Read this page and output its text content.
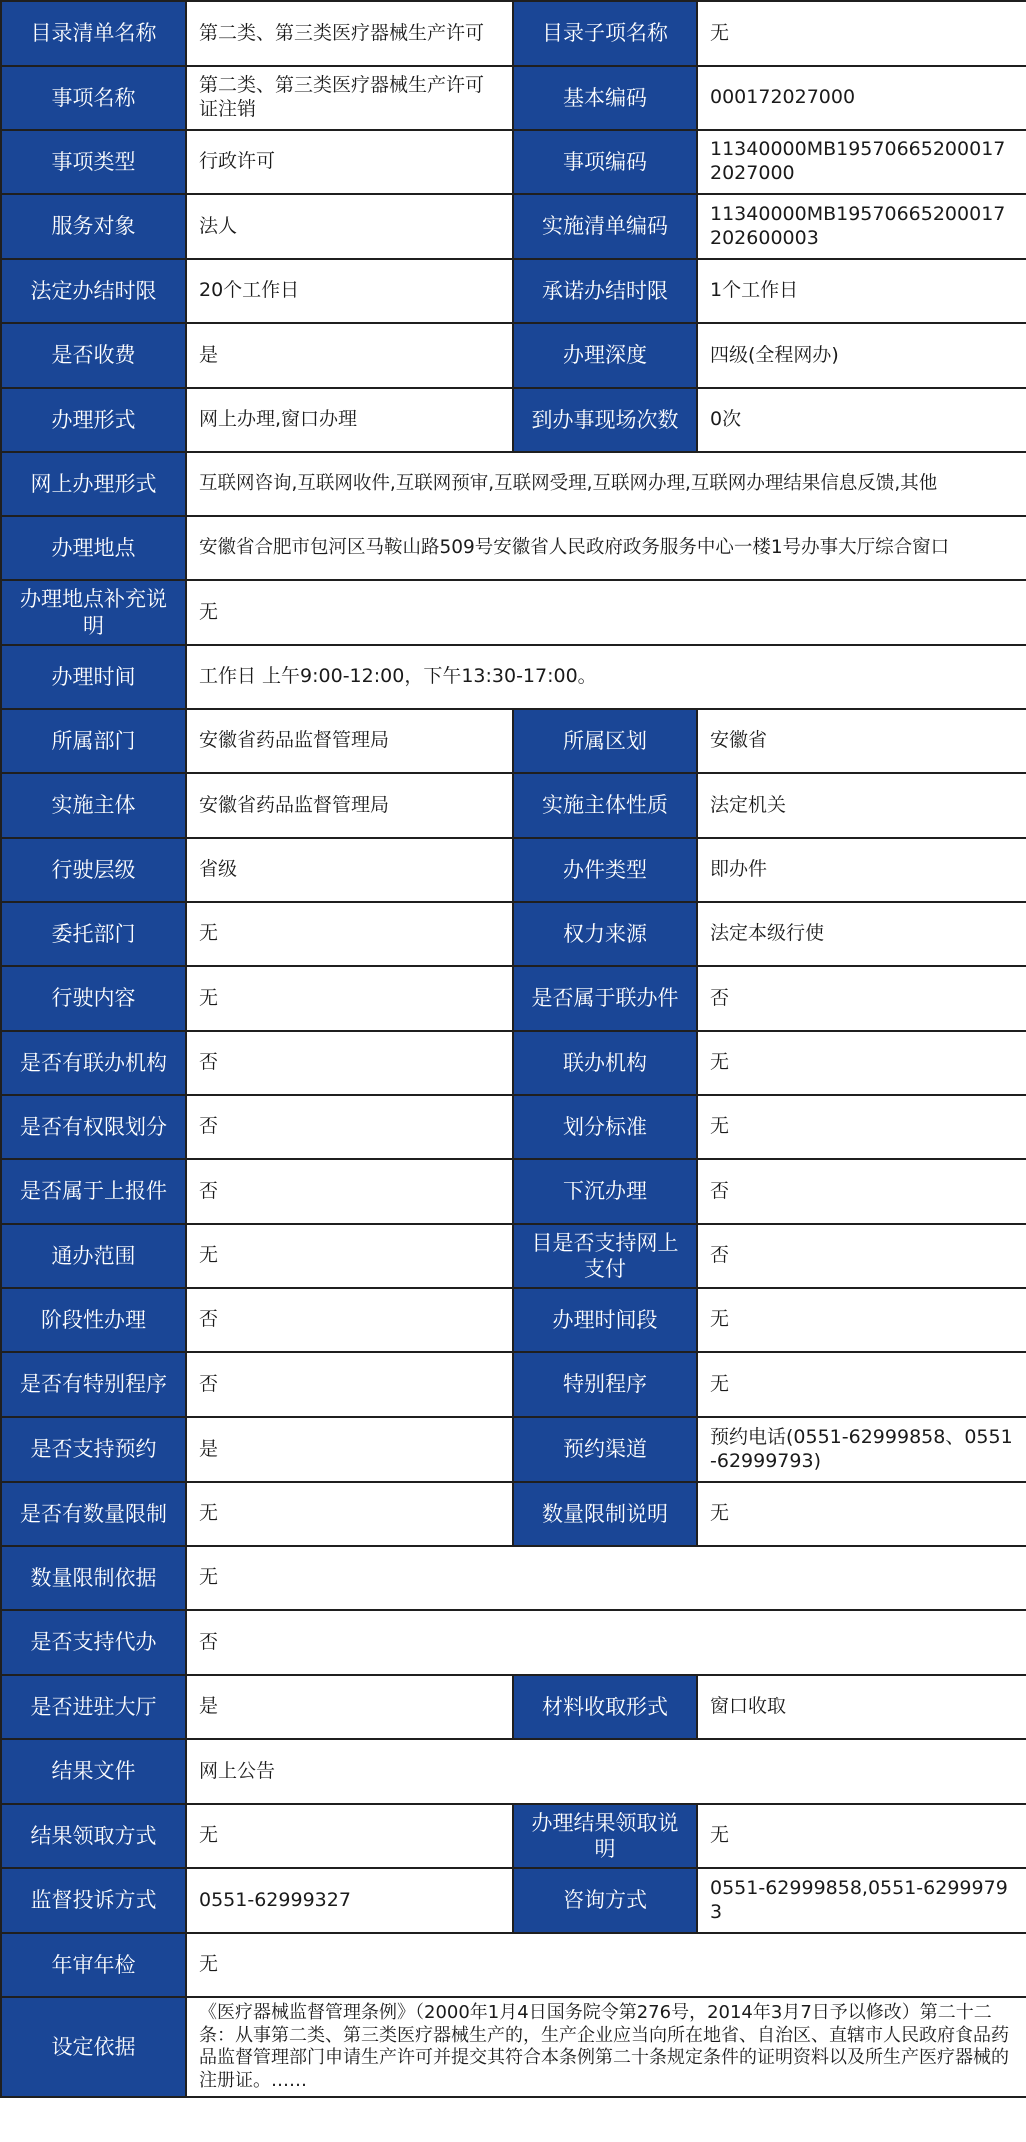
目录清单名称	第二类、第三类医疗器械生产许可	目录子项名称	无
事项名称	第二类、第三类医疗器械生产许可证注销	基本编码	000172027000
事项类型	行政许可	事项编码	11340000MB195706652000172027000
服务对象	法人	实施清单编码	11340000MB19570665200017202600003
法定办结时限	20个工作日	承诺办结时限	1个工作日
是否收费	是	办理深度	四级(全程网办)
办理形式	网上办理,窗口办理	到办事现场次数	0次
网上办理形式	互联网咨询,互联网收件,互联网预审,互联网受理,互联网办理,互联网办理结果信息反馈,其他		
办理地点	安徽省合肥市包河区马鞍山路509号安徽省人民政府政务服务中心一楼1号办事大厅综合窗口		
办理地点补充说明	无		
办理时间	工作日 上午9:00-12:00，下午13:30-17:00。		
所属部门	安徽省药品监督管理局	所属区划	安徽省
实施主体	安徽省药品监督管理局	实施主体性质	法定机关
行驶层级	省级	办件类型	即办件
委托部门	无	权力来源	法定本级行使
行驶内容	无	是否属于联办件	否
是否有联办机构	否	联办机构	无
是否有权限划分	否	划分标准	无
是否属于上报件	否	下沉办理	否
通办范围	无	目是否支持网上支付	否
阶段性办理	否	办理时间段	无
是否有特别程序	否	特别程序	无
是否支持预约	是	预约渠道	预约电话(0551-62999858、0551-62999793)
是否有数量限制	无	数量限制说明	无
数量限制依据	无		
是否支持代办	否		
是否进驻大厅	是	材料收取形式	窗口收取
结果文件	网上公告		
结果领取方式	无	办理结果领取说明	无
监督投诉方式	0551-62999327	咨询方式	0551-62999858,0551-62999793
年审年检	无		
设定依据	《医疗器械监督管理条例》（2000年1月4日国务院令第276号，2014年3月7日予以修改）第二十二条：从事第二类、第三类医疗器械生产的，生产企业应当向所在地省、自治区、直辖市人民政府食品药品监督管理部门申请生产许可并提交其符合本条例第二十条规定条件的证明资料以及所生产医疗器械的注册证。……		
